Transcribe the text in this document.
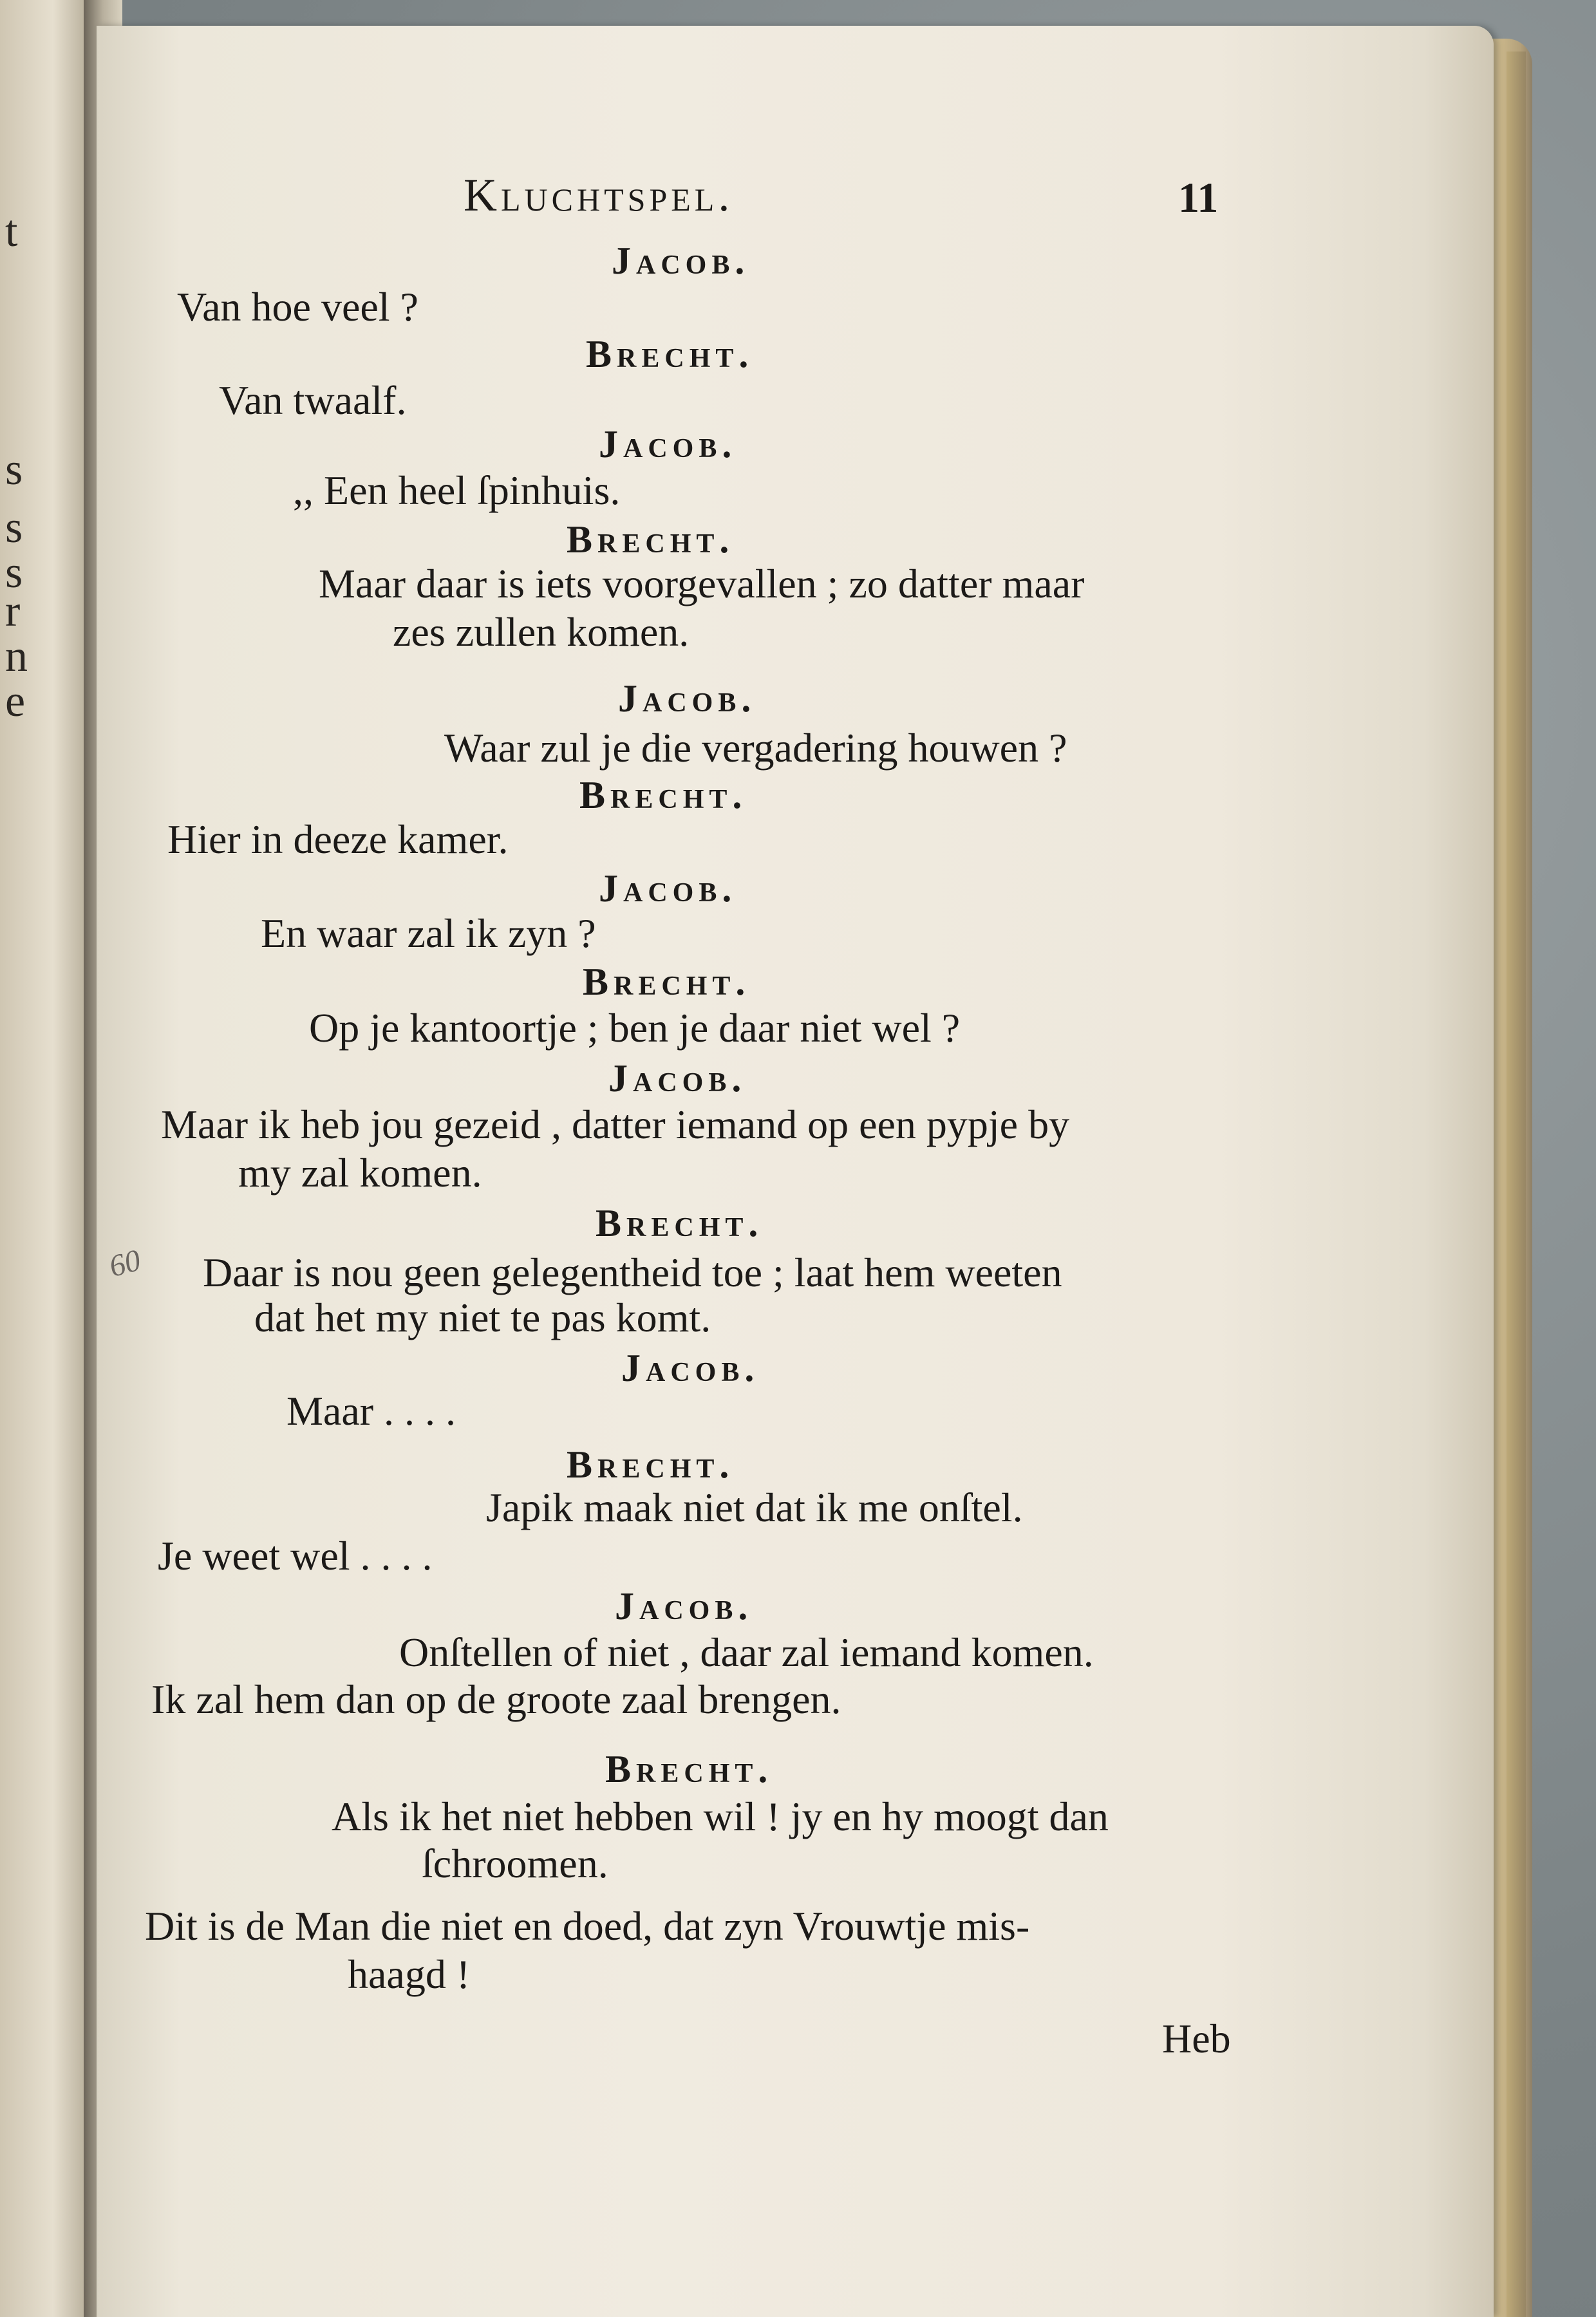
t
s
s
s
r
n
e
Kluchtspel.	11
Jacob.
Van hoe veel ?
Brecht.
Van twaalf.
Jacob.
,, Een heel ſpinhuis.
Brecht.
Maar daar is iets voorgevallen ; zo datter maar
zes zullen komen.
Jacob.
Waar zul je die vergadering houwen ?
Brecht.
Hier in deeze kamer.
Jacob.
En waar zal ik zyn ?
Brecht.
Op je kantoortje ; ben je daar niet wel ?
Jacob.
Maar ik heb jou gezeid , datter iemand op een pypje by
my zal komen.
Brecht.
Daar is nou geen gelegentheid toe ; laat hem weeten
dat het my niet te pas komt.
Jacob.
Maar . . . .
Brecht.
Japik maak niet dat ik me onſtel.
Je weet wel . . . .
Jacob.
Onſtellen of niet , daar zal iemand komen.
Ik zal hem dan op de groote zaal brengen.
Brecht.
Als ik het niet hebben wil ! jy en hy moogt dan
ſchroomen.
Dit is de Man die niet en doed, dat zyn Vrouwtje mis-
haagd !
Heb
60
